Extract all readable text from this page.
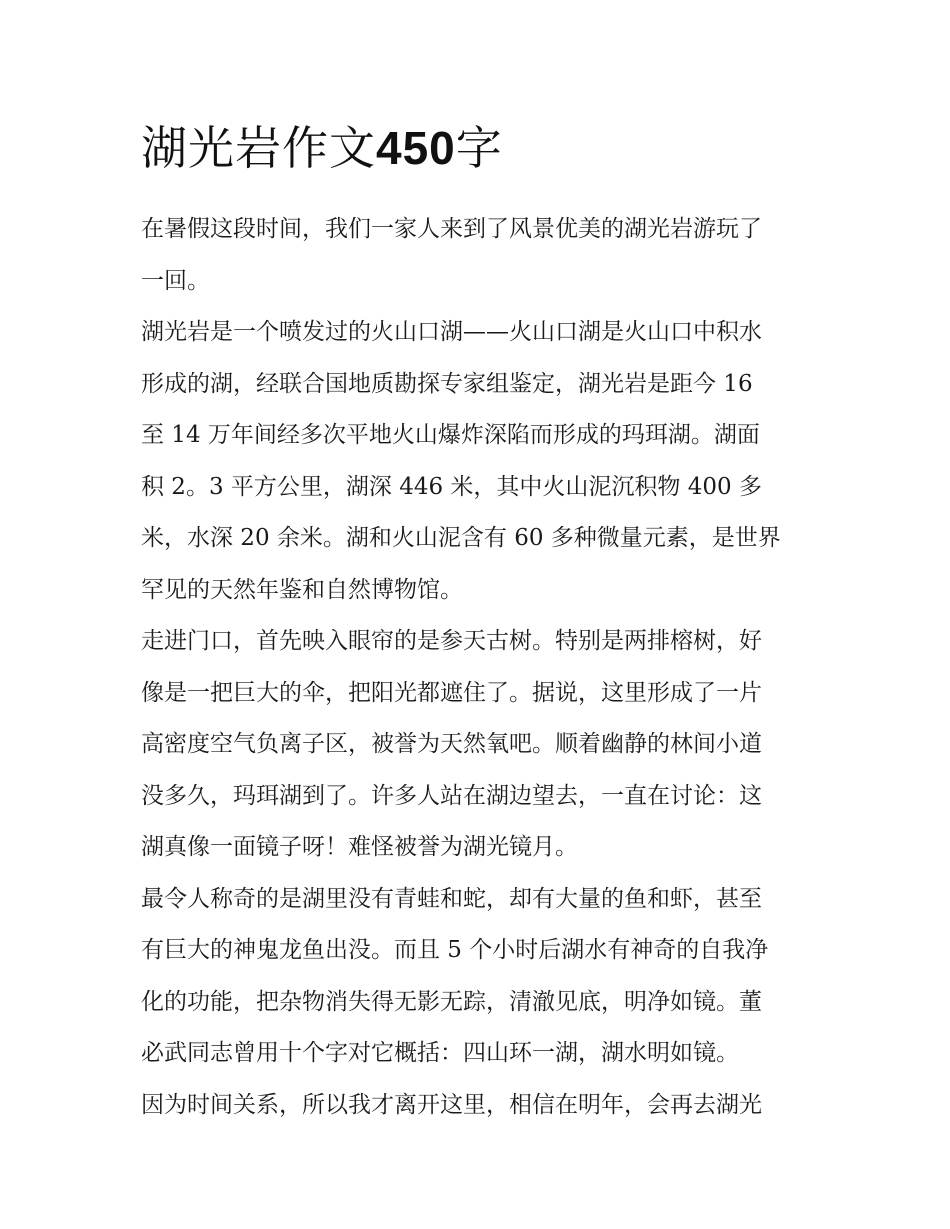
湖光岩作文450字
在暑假这段时间，我们一家人来到了风景优美的湖光岩游玩了
一回。
湖光岩是一个喷发过的火山口湖——火山口湖是火山口中积水
形成的湖，经联合国地质勘探专家组鉴定，湖光岩是距今 16
至 14 万年间经多次平地火山爆炸深陷而形成的玛珥湖。湖面
积 2。3 平方公里，湖深 446 米，其中火山泥沉积物 400 多
米，水深 20 余米。湖和火山泥含有 60 多种微量元素，是世界
罕见的天然年鉴和自然博物馆。
走进门口，首先映入眼帘的是参天古树。特别是两排榕树，好
像是一把巨大的伞，把阳光都遮住了。据说，这里形成了一片
高密度空气负离子区，被誉为天然氧吧。顺着幽静的林间小道
没多久，玛珥湖到了。许多人站在湖边望去，一直在讨论：这
湖真像一面镜子呀！难怪被誉为湖光镜月。
最令人称奇的是湖里没有青蛙和蛇，却有大量的鱼和虾，甚至
有巨大的神鬼龙鱼出没。而且 5 个小时后湖水有神奇的自我净
化的功能，把杂物消失得无影无踪，清澈见底，明净如镜。董
必武同志曾用十个字对它概括：四山环一湖，湖水明如镜。
因为时间关系，所以我才离开这里，相信在明年，会再去湖光
